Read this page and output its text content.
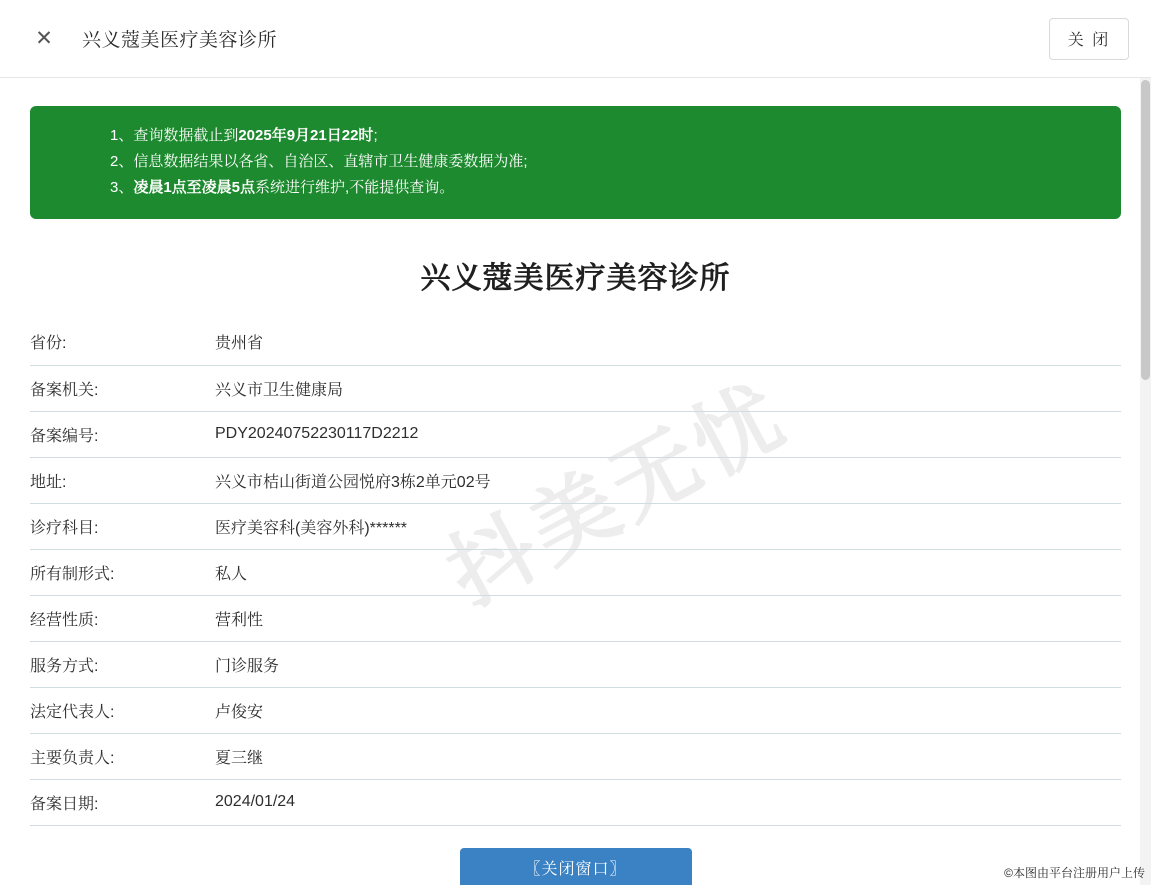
✕ 兴义蔻美医疗美容诊所	关 闭
1、查询数据截止到2025年9月21日22时;
2、信息数据结果以各省、自治区、直辖市卫生健康委数据为准;
3、凌晨1点至凌晨5点系统进行维护,不能提供查询。
兴义蔻美医疗美容诊所
抖美无忧
省份:	贵州省
备案机关:	兴义市卫生健康局
备案编号:	PDY20240752230117D2212
地址:	兴义市桔山街道公园悦府3栋2单元02号
诊疗科目:	医疗美容科(美容外科)******
所有制形式:	私人
经营性质:	营利性
服务方式:	门诊服务
法定代表人:	卢俊安
主要负责人:	夏三继
备案日期:	2024/01/24
〖关闭窗口〗	©本图由平台注册用户上传
